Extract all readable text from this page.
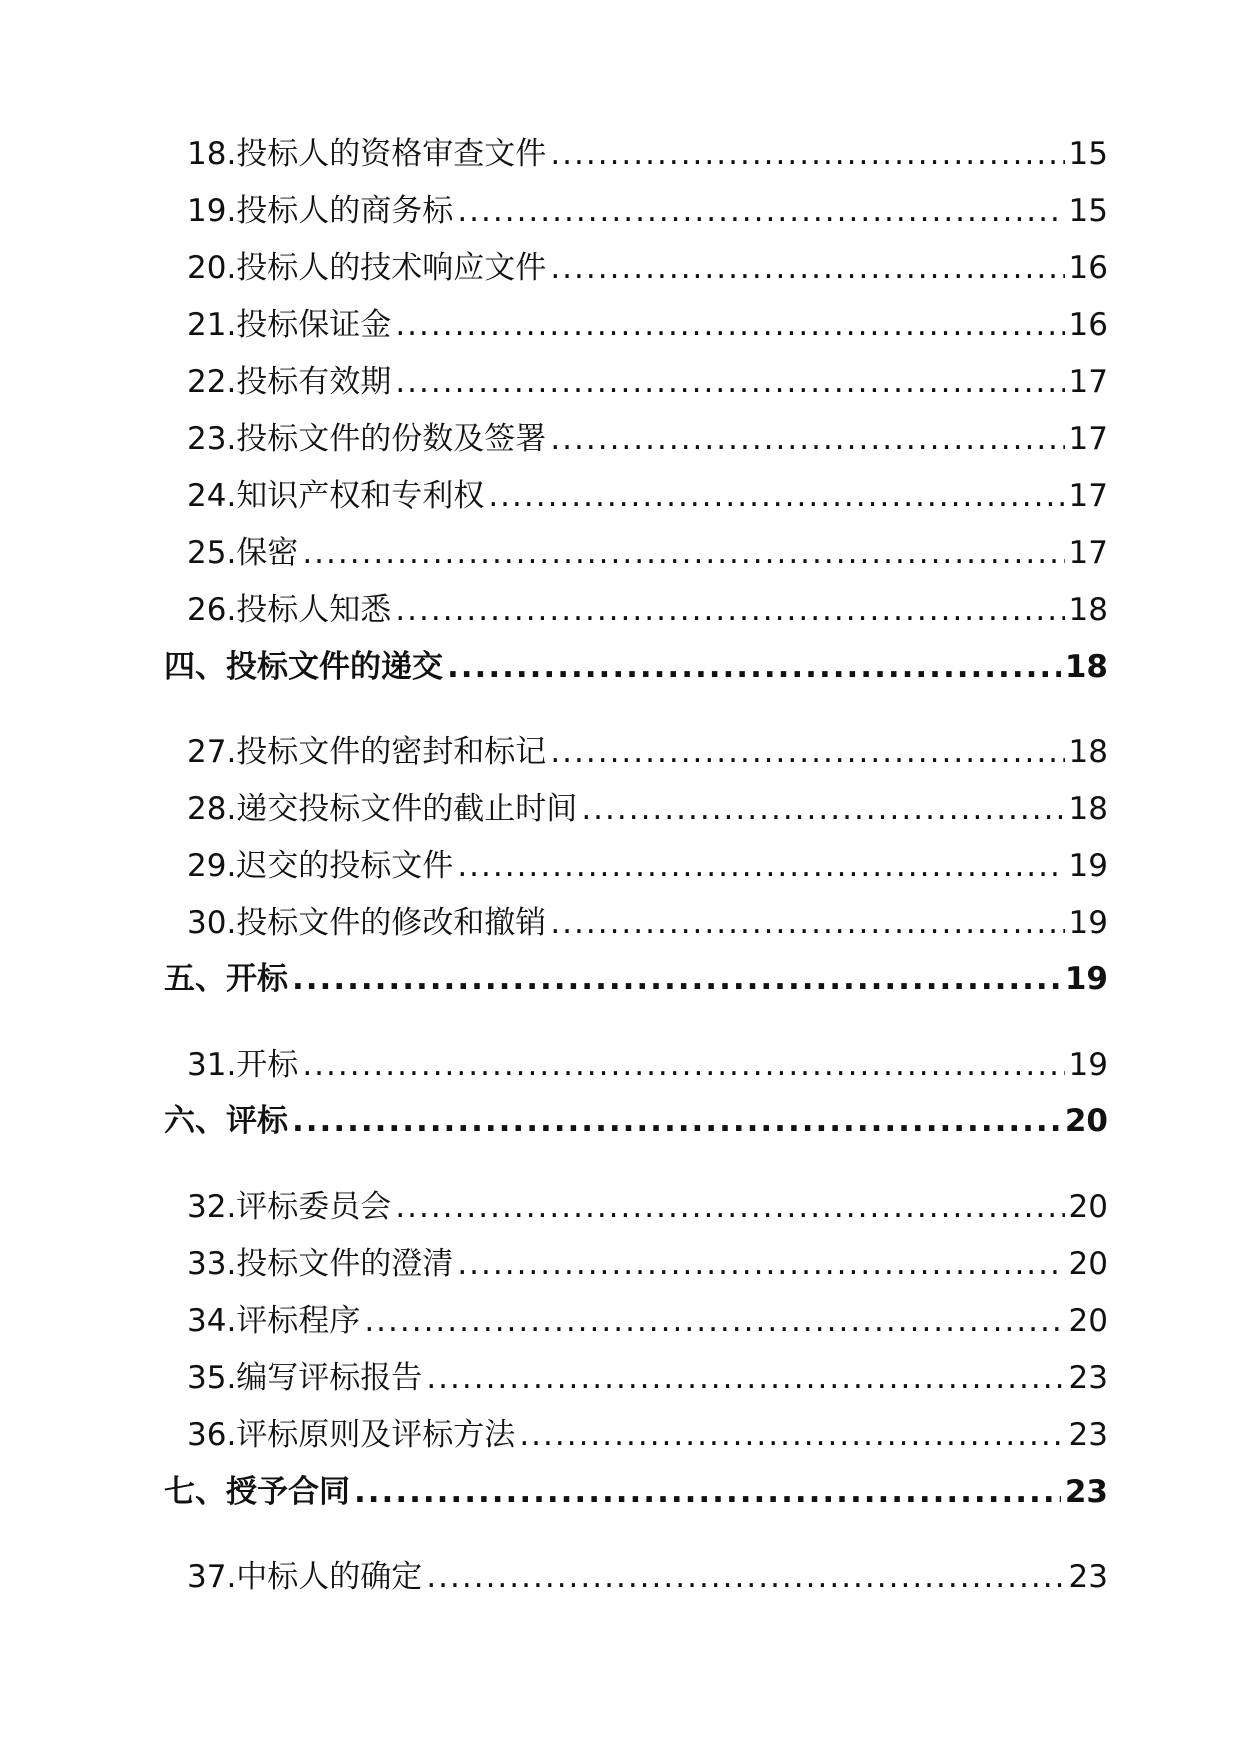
18.投标人的资格审查文件 .....	15
19.投标人的商务标 .....	15
20.投标人的技术响应文件 .....	16
21.投标保证金 .....	16
22.投标有效期 .....	17
23.投标文件的份数及签署 .....	17
24.知识产权和专利权 .....	17
25.保密 .....	17
26.投标人知悉 .....	18
四、投标文件的递交 .....	18
27.投标文件的密封和标记 .....	18
28.递交投标文件的截止时间 .....	18
29.迟交的投标文件 .....	19
30.投标文件的修改和撤销 .....	19
五、开标 .....	19
31.开标 .....	19
六、评标 .....	20
32.评标委员会 .....	20
33.投标文件的澄清 .....	20
34.评标程序 .....	20
35.编写评标报告 .....	23
36.评标原则及评标方法 .....	23
七、授予合同 .....	23
37.中标人的确定 .....	23
